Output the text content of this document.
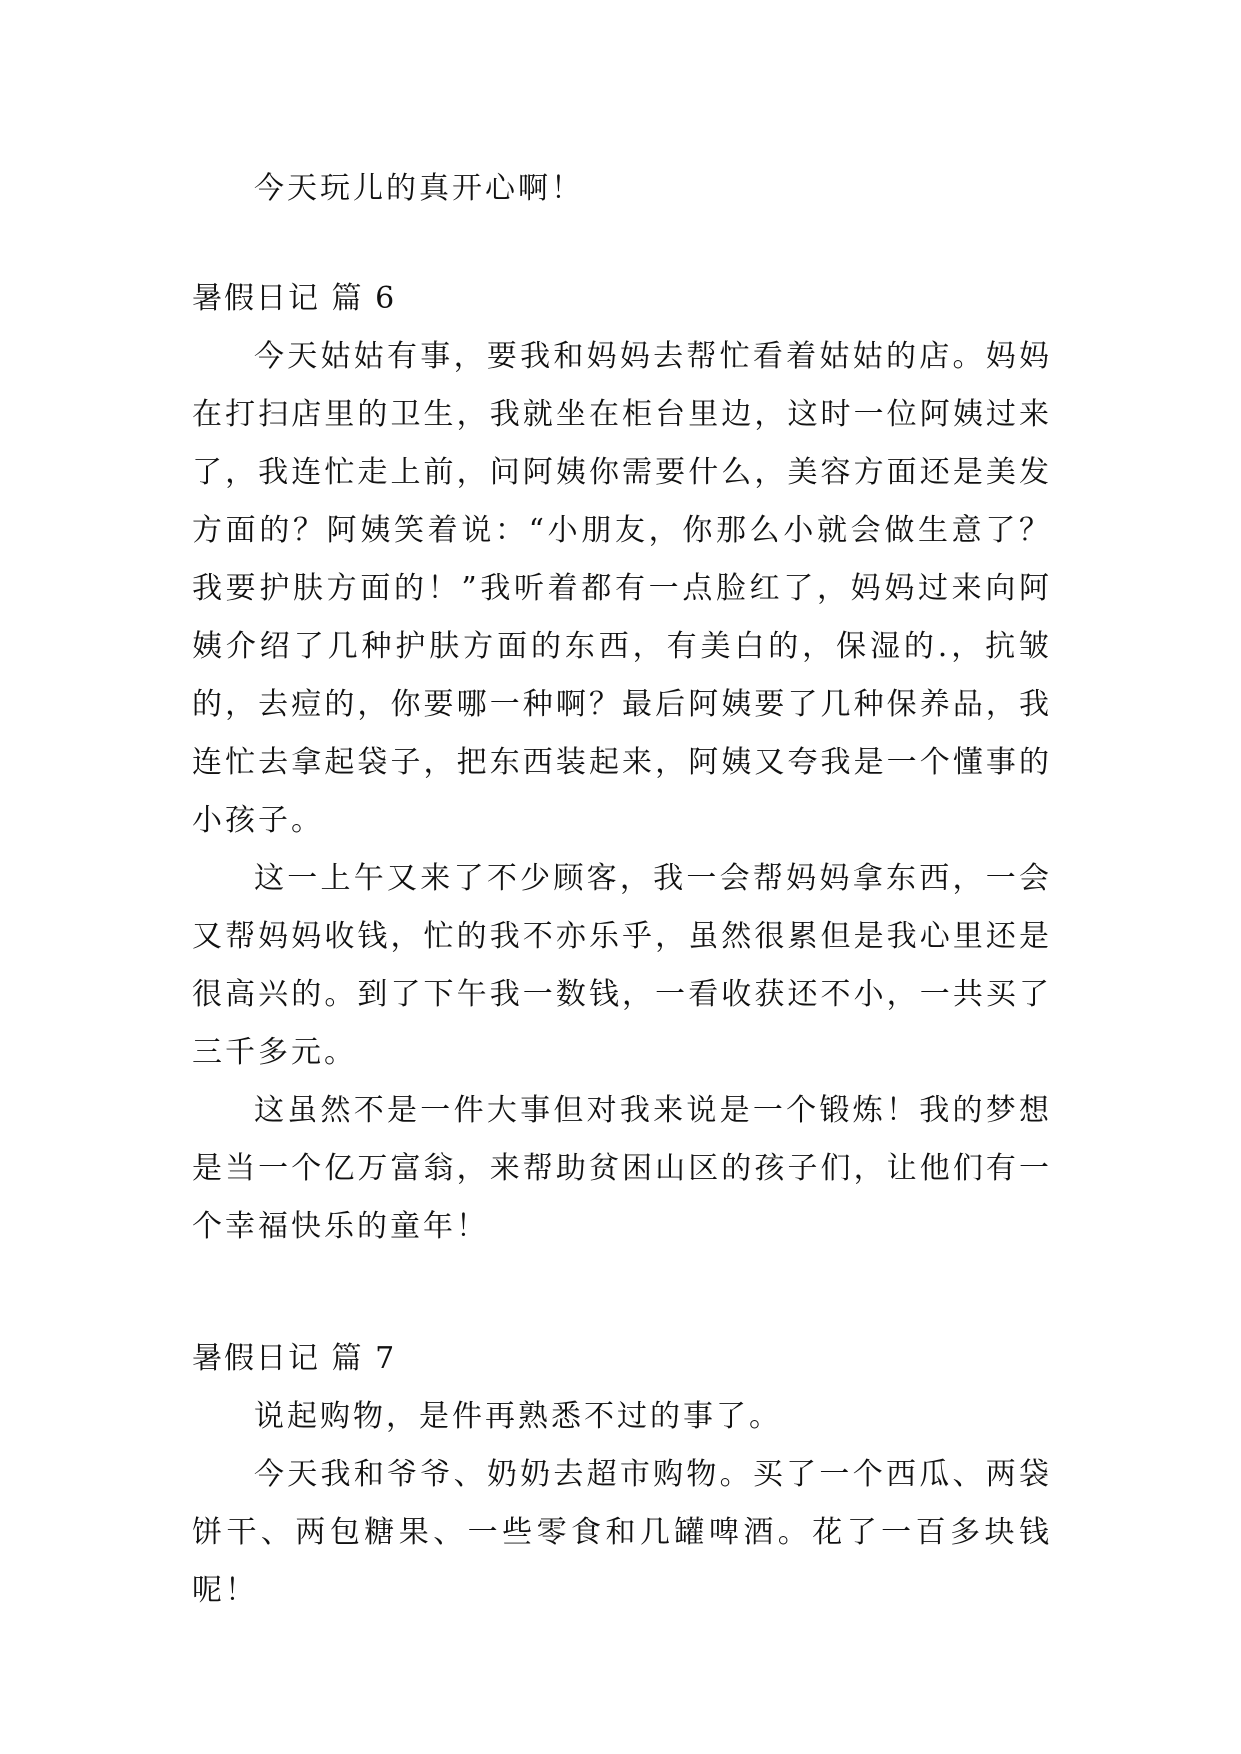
今天玩儿的真开心啊！

暑假日记 篇 6

今天姑姑有事，要我和妈妈去帮忙看着姑姑的店。妈妈在打扫店里的卫生，我就坐在柜台里边，这时一位阿姨过来了，我连忙走上前，问阿姨你需要什么，美容方面还是美发方面的？阿姨笑着说：“小朋友，你那么小就会做生意了？我要护肤方面的！”我听着都有一点脸红了，妈妈过来向阿姨介绍了几种护肤方面的东西，有美白的，保湿的.，抗皱的，去痘的，你要哪一种啊？最后阿姨要了几种保养品，我连忙去拿起袋子，把东西装起来，阿姨又夸我是一个懂事的小孩子。

这一上午又来了不少顾客，我一会帮妈妈拿东西，一会又帮妈妈收钱，忙的我不亦乐乎，虽然很累但是我心里还是很高兴的。到了下午我一数钱，一看收获还不小，一共买了三千多元。

这虽然不是一件大事但对我来说是一个锻炼！我的梦想是当一个亿万富翁，来帮助贫困山区的孩子们，让他们有一个幸福快乐的童年！

暑假日记 篇 7

说起购物，是件再熟悉不过的事了。

今天我和爷爷、奶奶去超市购物。买了一个西瓜、两袋饼干、两包糖果、一些零食和几罐啤酒。花了一百多块钱呢！
